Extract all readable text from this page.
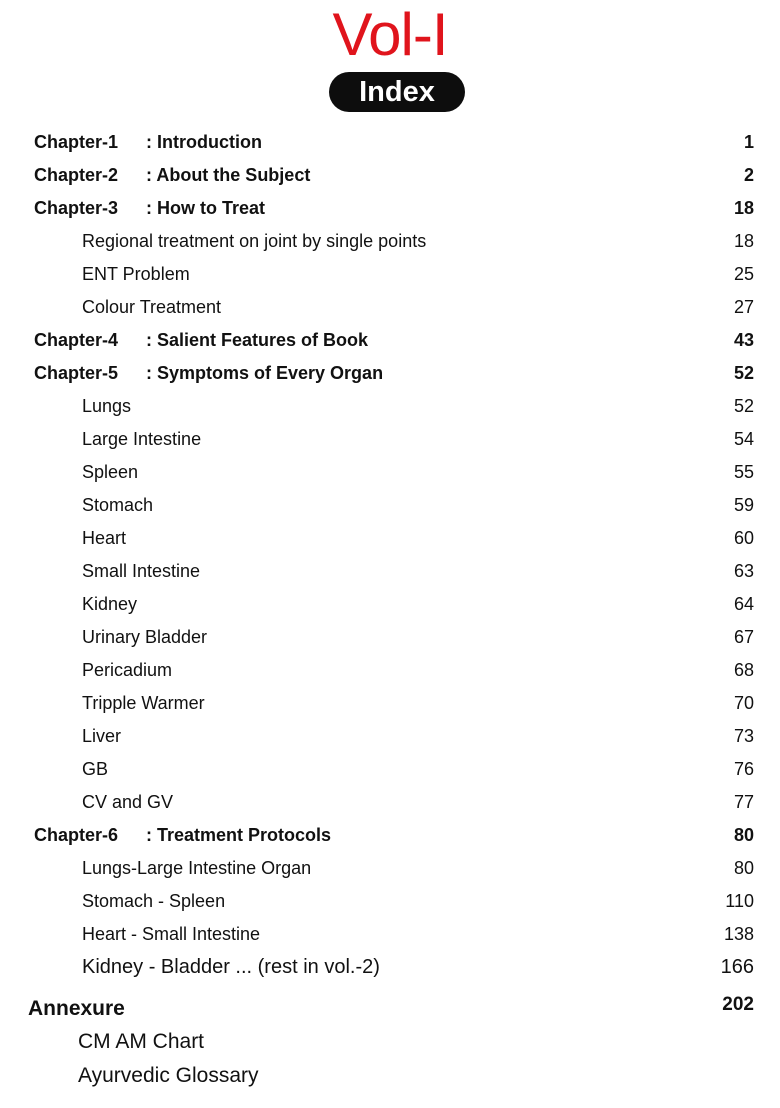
Vol-I
Index
Chapter-1 : Introduction	1
Chapter-2 : About the Subject	2
Chapter-3 : How to Treat	18
Regional treatment on joint by single points	18
ENT Problem	25
Colour Treatment	27
Chapter-4 : Salient Features of Book	43
Chapter-5 : Symptoms of Every Organ	52
Lungs	52
Large Intestine	54
Spleen	55
Stomach	59
Heart	60
Small Intestine	63
Kidney	64
Urinary Bladder	67
Pericadium	68
Tripple Warmer	70
Liver	73
GB	76
CV and GV	77
Chapter-6 : Treatment Protocols	80
Lungs-Large Intestine Organ	80
Stomach - Spleen	110
Heart - Small Intestine	138
Kidney - Bladder ... (rest in vol.-2)	166
Annexure	202
CM AM Chart
Ayurvedic Glossary
